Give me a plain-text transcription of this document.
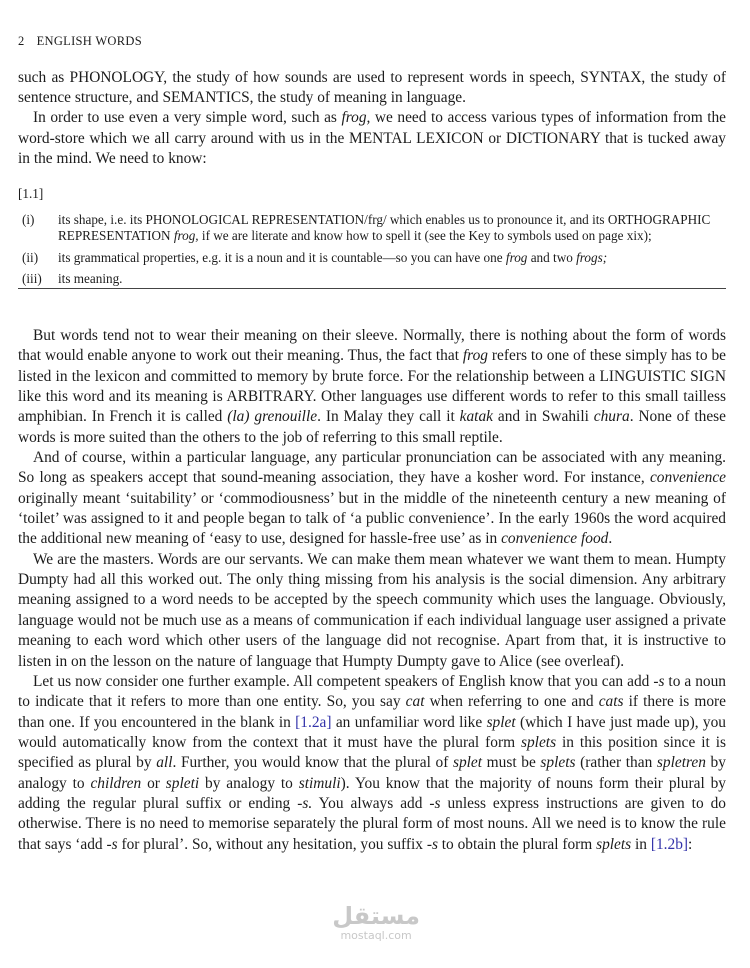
2 ENGLISH WORDS

such as PHONOLOGY, the study of how sounds are used to represent words in speech, SYNTAX, the study of sentence structure, and SEMANTICS, the study of meaning in language.

In order to use even a very simple word, such as frog, we need to access various types of information from the word-store which we all carry around with us in the MENTAL LEXICON or DICTIONARY that is tucked away in the mind. We need to know:

[1.1]
(i)	its shape, i.e. its PHONOLOGICAL REPRESENTATION/frg/ which enables us to pronounce it, and its ORTHOGRAPHIC REPRESENTATION frog, if we are literate and know how to spell it (see the Key to symbols used on page xix);
(ii)	its grammatical properties, e.g. it is a noun and it is countable—so you can have one frog and two frogs;
(iii)	its meaning.

But words tend not to wear their meaning on their sleeve. Normally, there is nothing about the form of words that would enable anyone to work out their meaning. Thus, the fact that frog refers to one of these simply has to be listed in the lexicon and committed to memory by brute force. For the relationship between a LINGUISTIC SIGN like this word and its meaning is ARBITRARY. Other languages use different words to refer to this small tailless amphibian. In French it is called (la) grenouille. In Malay they call it katak and in Swahili chura. None of these words is more suited than the others to the job of referring to this small reptile.

And of course, within a particular language, any particular pronunciation can be associated with any meaning. So long as speakers accept that sound-meaning association, they have a kosher word. For instance, convenience originally meant ‘suitability’ or ‘commodiousness’ but in the middle of the nineteenth century a new meaning of ‘toilet’ was assigned to it and people began to talk of ‘a public convenience’. In the early 1960s the word acquired the additional new meaning of ‘easy to use, designed for hassle-free use’ as in convenience food.

We are the masters. Words are our servants. We can make them mean whatever we want them to mean. Humpty Dumpty had all this worked out. The only thing missing from his analysis is the social dimension. Any arbitrary meaning assigned to a word needs to be accepted by the speech community which uses the language. Obviously, language would not be much use as a means of communication if each individual language user assigned a private meaning to each word which other users of the language did not recognise. Apart from that, it is instructive to listen in on the lesson on the nature of language that Humpty Dumpty gave to Alice (see overleaf).

Let us now consider one further example. All competent speakers of English know that you can add -s to a noun to indicate that it refers to more than one entity. So, you say cat when referring to one and cats if there is more than one. If you encountered in the blank in [1.2a] an unfamiliar word like splet (which I have just made up), you would automatically know from the context that it must have the plural form splets in this position since it is specified as plural by all. Further, you would know that the plural of splet must be splets (rather than spletren by analogy to children or spleti by analogy to stimuli). You know that the majority of nouns form their plural by adding the regular plural suffix or ending -s. You always add -s unless express instructions are given to do otherwise. There is no need to memorise separately the plural form of most nouns. All we need is to know the rule that says ‘add -s for plural’. So, without any hesitation, you suffix -s to obtain the plural form splets in [1.2b]:

مستقل
mostaql.com
